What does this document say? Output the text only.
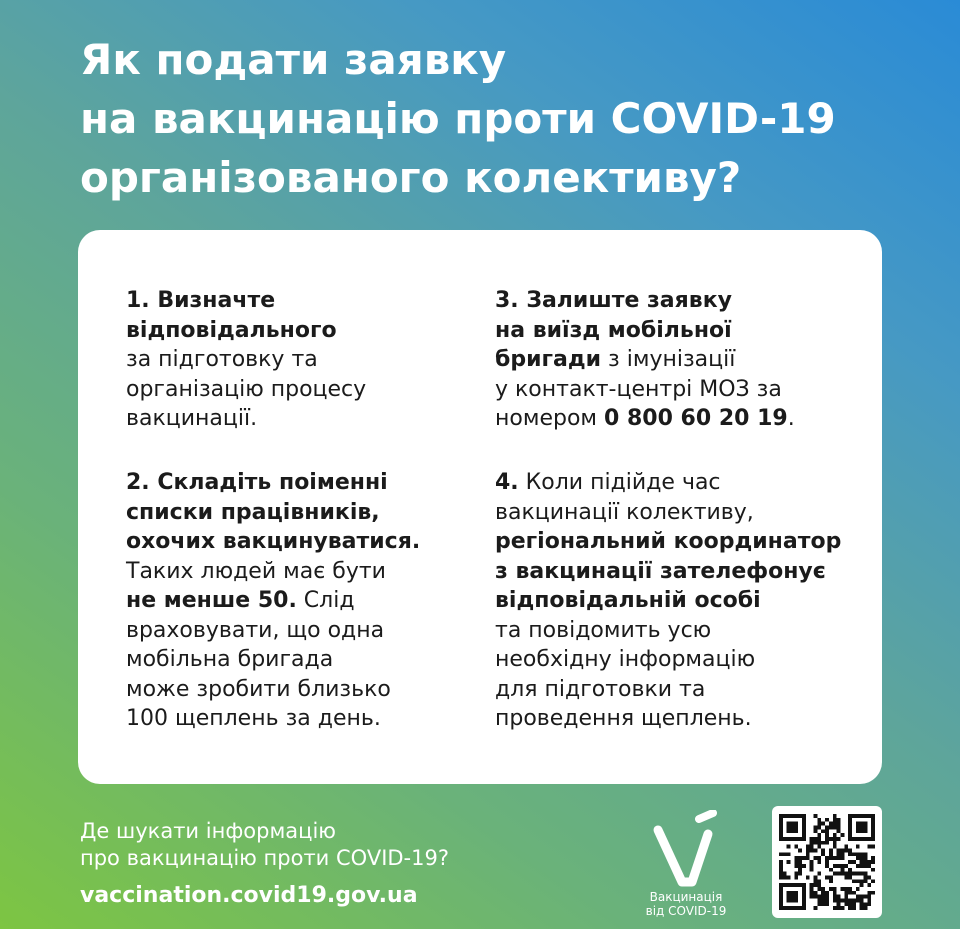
Як подати заявку
на вакцинацію проти COVID-19
організованого колективу?
1. Визначте
відповідального
за підготовку та
організацію процесу
вакцинації.
2. Складіть поіменні
списки працівників,
охочих вакцинуватися.
Таких людей має бути
не менше 50. Слід
враховувати, що одна
мобільна бригада
може зробити близько
100 щеплень за день.
3. Залиште заявку
на виїзд мобільної
бригади з імунізації
у контакт-центрі МОЗ за
номером 0 800 60 20 19.
4. Коли підійде час
вакцинації колективу,
регіональний координатор
з вакцинації зателефонує
відповідальній особі
та повідомить усю
необхідну інформацію
для підготовки та
проведення щеплень.
Де шукати інформацію
про вакцинацію проти COVID-19?
vaccination.covid19.gov.ua	Вакцинація
від COVID-19
